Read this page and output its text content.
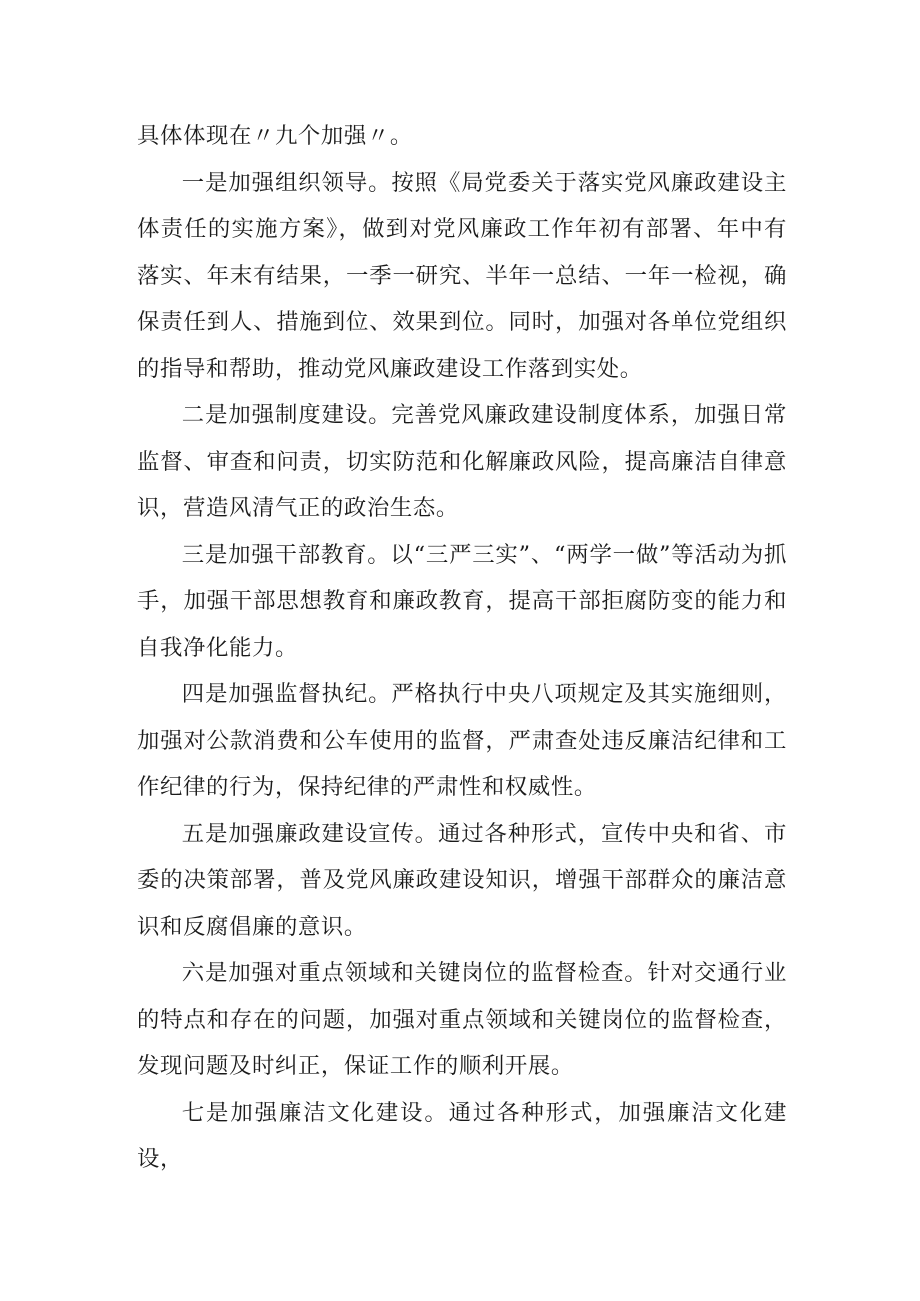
具体体现在〃九个加强〃。

一是加强组织领导。按照《局党委关于落实党风廉政建设主体责任的实施方案》，做到对党风廉政工作年初有部署、年中有落实、年末有结果，一季一研究、半年一总结、一年一检视，确保责任到人、措施到位、效果到位。同时，加强对各单位党组织的指导和帮助，推动党风廉政建设工作落到实处。

二是加强制度建设。完善党风廉政建设制度体系，加强日常监督、审查和问责，切实防范和化解廉政风险，提高廉洁自律意识，营造风清气正的政治生态。

三是加强干部教育。以“三严三实”、“两学一做”等活动为抓手，加强干部思想教育和廉政教育，提高干部拒腐防变的能力和自我净化能力。

四是加强监督执纪。严格执行中央八项规定及其实施细则，加强对公款消费和公车使用的监督，严肃查处违反廉洁纪律和工作纪律的行为，保持纪律的严肃性和权威性。

五是加强廉政建设宣传。通过各种形式，宣传中央和省、市委的决策部署，普及党风廉政建设知识，增强干部群众的廉洁意识和反腐倡廉的意识。

六是加强对重点领域和关键岗位的监督检查。针对交通行业的特点和存在的问题，加强对重点领域和关键岗位的监督检查，发现问题及时纠正，保证工作的顺利开展。

七是加强廉洁文化建设。通过各种形式，加强廉洁文化建设，
